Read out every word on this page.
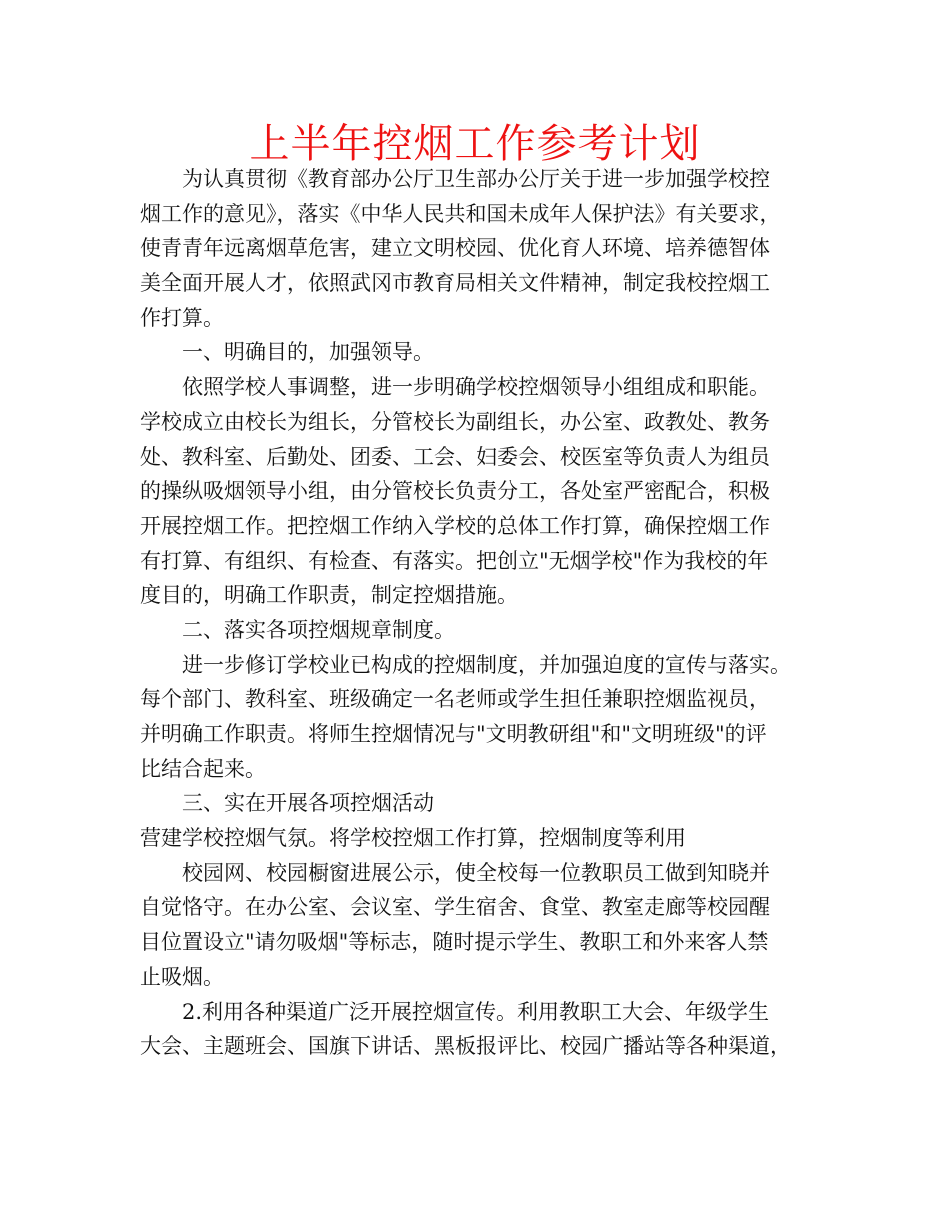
上半年控烟工作参考计划
为认真贯彻《教育部办公厅卫生部办公厅关于进一步加强学校控
烟工作的意见》，落实《中华人民共和国未成年人保护法》有关要求，
使青青年远离烟草危害，建立文明校园、优化育人环境、培养德智体
美全面开展人才，依照武冈市教育局相关文件精神，制定我校控烟工
作打算。
一、明确目的，加强领导。
依照学校人事调整，进一步明确学校控烟领导小组组成和职能。
学校成立由校长为组长，分管校长为副组长，办公室、政教处、教务
处、教科室、后勤处、团委、工会、妇委会、校医室等负责人为组员
的操纵吸烟领导小组，由分管校长负责分工，各处室严密配合，积极
开展控烟工作。把控烟工作纳入学校的总体工作打算，确保控烟工作
有打算、有组织、有检查、有落实。把创立"无烟学校"作为我校的年
度目的，明确工作职责，制定控烟措施。
二、落实各项控烟规章制度。
进一步修订学校业已构成的控烟制度，并加强迫度的宣传与落实。
每个部门、教科室、班级确定一名老师或学生担任兼职控烟监视员，
并明确工作职责。将师生控烟情况与"文明教研组"和"文明班级"的评
比结合起来。
三、实在开展各项控烟活动
营建学校控烟气氛。将学校控烟工作打算，控烟制度等利用
校园网、校园橱窗进展公示，使全校每一位教职员工做到知晓并
自觉恪守。在办公室、会议室、学生宿舍、食堂、教室走廊等校园醒
目位置设立"请勿吸烟"等标志，随时提示学生、教职工和外来客人禁
止吸烟。
2.利用各种渠道广泛开展控烟宣传。利用教职工大会、年级学生
大会、主题班会、国旗下讲话、黑板报评比、校园广播站等各种渠道，
